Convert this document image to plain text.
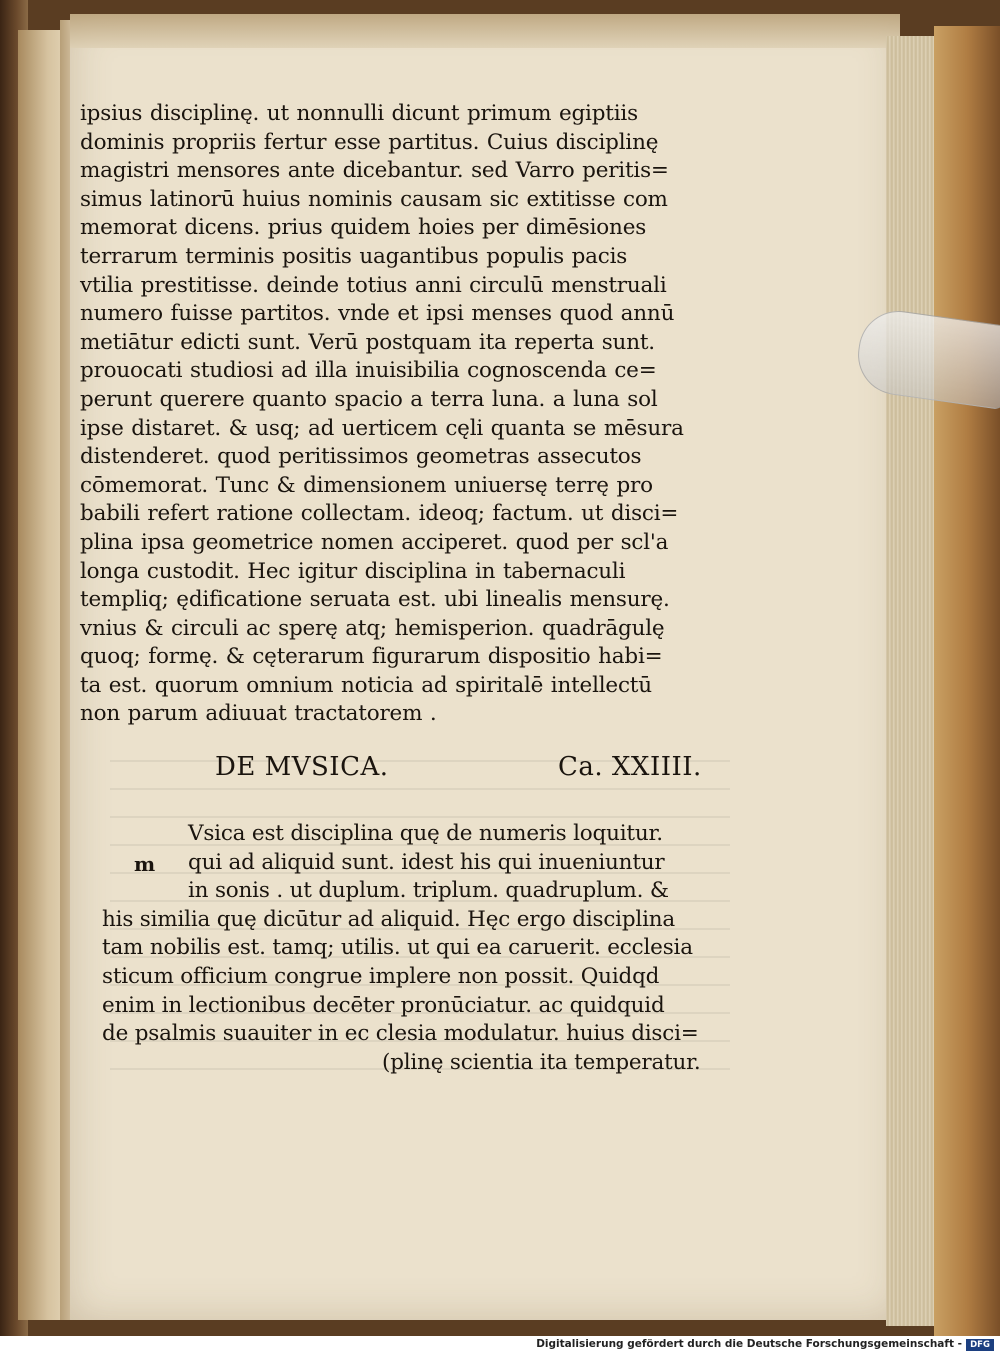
ipsius disciplinę. ut nonnulli dicunt primum egiptiis
dominis propriis fertur esse partitus. Cuius disciplinę
magistri mensores ante dicebantur. sed Varro peritis=
simus latinorū huius nominis causam sic extitisse com
memorat dicens. prius quidem hoies per dimēsiones
terrarum terminis positis uagantibus populis pacis
vtilia prestitisse. deinde totius anni circulū menstruali
numero fuisse partitos. vnde et ipsi menses quod annū
metiātur edicti sunt. Verū postquam ita reperta sunt.
prouocati studiosi ad illa inuisibilia cognoscenda ce=
perunt querere quanto spacio a terra luna. a luna sol
ipse distaret. & usq; ad uerticem cęli quanta se mēsura
distenderet. quod peritissimos geometras assecutos
cōmemorat. Tunc & dimensionem uniuersę terrę pro
babili refert ratione collectam. ideoq; factum. ut disci=
plina ipsa geometrice nomen acciperet. quod per scl'a
longa custodit. Hec igitur disciplina in tabernaculi
templiq; ędificatione seruata est. ubi linealis mensurę.
vnius & circuli ac sperę atq; hemisperion. quadrāgulę
quoq; formę. & cęterarum figurarum dispositio habi=
ta est. quorum omnium noticia ad spiritalē intellectū
non parum adiuuat tractatorem .
DE MVSICA.	Ca. XXIIII.
m
Vsica est disciplina quę de numeris loquitur.
qui ad aliquid sunt. idest his qui inueniuntur
in sonis . ut duplum. triplum. quadruplum. &
his similia quę dicūtur ad aliquid. Hęc ergo disciplina
tam nobilis est. tamq; utilis. ut qui ea caruerit. ecclesia
sticum officium congrue implere non possit. Quidqd
enim in lectionibus decēter pronūciatur. ac quidquid
de psalmis suauiter in ec clesia modulatur. huius disci=
(plinę scientia ita temperatur.
Digitalisierung gefördert durch die Deutsche Forschungsgemeinschaft - DFG
